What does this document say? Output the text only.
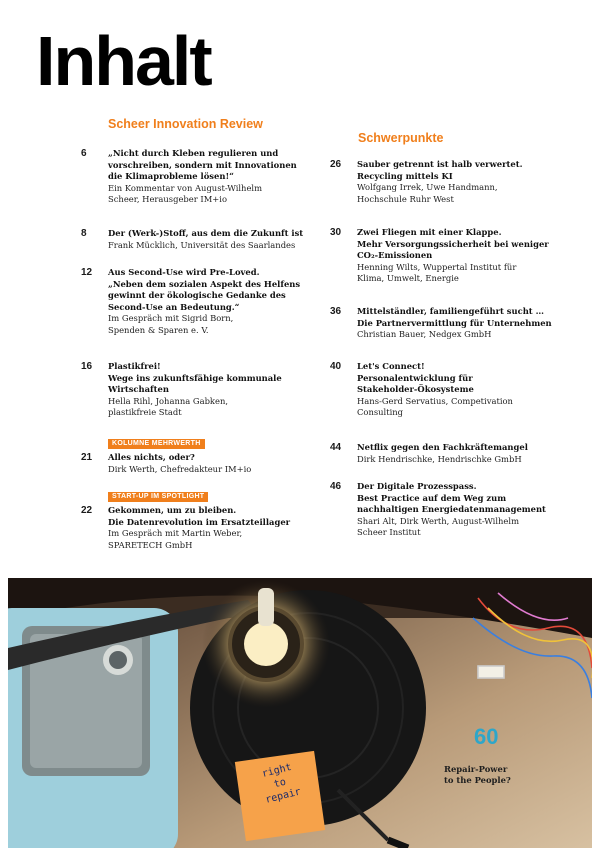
Inhalt
Scheer Innovation Review
6	„Nicht durch Kleben regulieren und
vorschreiben, sondern mit Innovationen
die Klimaprobleme lösen!“
Ein Kommentar von August-Wilhelm
Scheer, Herausgeber IM+io
8	Der (Werk-)Stoff, aus dem die Zukunft ist
Frank Mücklich, Universität des Saarlandes
12	Aus Second-Use wird Pre-Loved.
„Neben dem sozialen Aspekt des Helfens
gewinnt der ökologische Gedanke des
Second-Use an Bedeutung.“
Im Gespräch mit Sigrid Born,
Spenden & Sparen e. V.
16	Plastikfrei!
Wege ins zukunftsfähige kommunale
Wirtschaften
Hella Rihl, Johanna Gabken,
plastikfreie Stadt
KOLUMNE MEHRWERTH
21	Alles nichts, oder?
Dirk Werth, Chefredakteur IM+io
START-UP IM SPOTLIGHT
22	Gekommen, um zu bleiben.
Die Datenrevolution im Ersatzteillager
Im Gespräch mit Martin Weber,
SPARETECH GmbH
Schwerpunkte
26	Sauber getrennt ist halb verwertet.
Recycling mittels KI
Wolfgang Irrek, Uwe Handmann,
Hochschule Ruhr West
30	Zwei Fliegen mit einer Klappe.
Mehr Versorgungssicherheit bei weniger
CO₂-Emissionen
Henning Wilts, Wuppertal Institut für
Klima, Umwelt, Energie
36	Mittelständler, familiengeführt sucht …
Die Partnervermittlung für Unternehmen
Christian Bauer, Nedgex GmbH
40	Let's Connect!
Personalentwicklung für
Stakeholder-Ökosysteme
Hans-Gerd Servatius, Competivation
Consulting
44	Netflix gegen den Fachkräftemangel
Dirk Hendrischke, Hendrischke GmbH
46	Der Digitale Prozesspass.
Best Practice auf dem Weg zum
nachhaltigen Energiedatenmanagement
Shari Alt, Dirk Werth, August-Wilhelm
Scheer Institut
right
to
repair
60
Repair-Power
to the People?
